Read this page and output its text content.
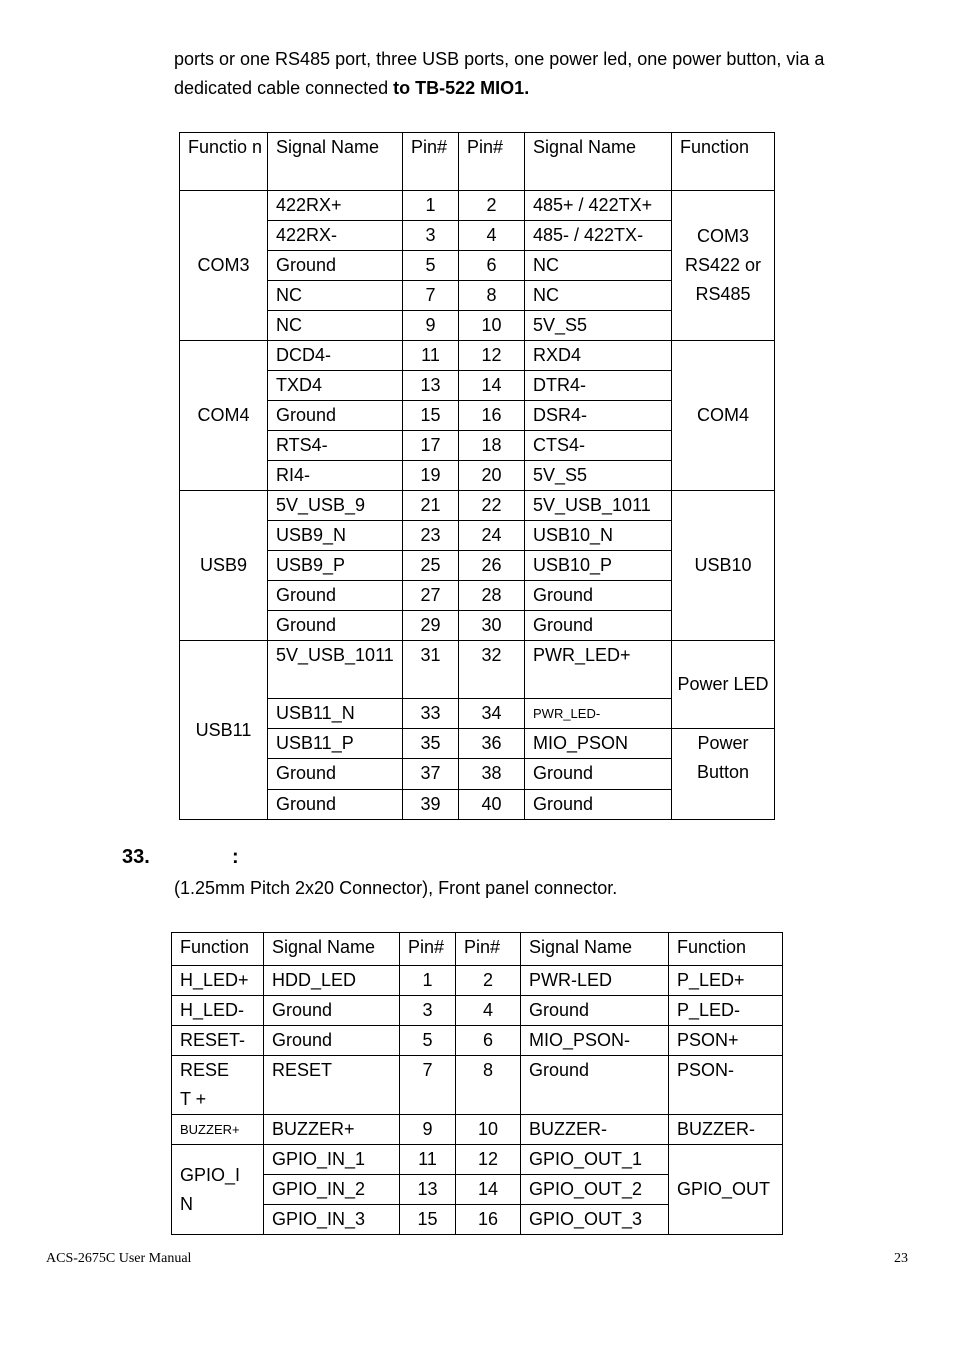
ports or one RS485 port, three USB ports, one power led, one power button, via a dedicated cable connected to TB-522 MIO1.

Functio n	Signal Name	Pin#	Pin#	Signal Name	Function
COM3	422RX+	1	2	485+ / 422TX+	COM3 RS422 or RS485
	422RX-	3	4	485- / 422TX-	
	Ground	5	6	NC	
	NC	7	8	NC	
	NC	9	10	5V_S5	
COM4	DCD4-	11	12	RXD4	COM4
	TXD4	13	14	DTR4-	
	Ground	15	16	DSR4-	
	RTS4-	17	18	CTS4-	
	RI4-	19	20	5V_S5	
USB9	5V_USB_9	21	22	5V_USB_1011	USB10
	USB9_N	23	24	USB10_N	
	USB9_P	25	26	USB10_P	
	Ground	27	28	Ground	
	Ground	29	30	Ground	
USB11	5V_USB_1011	31	32	PWR_LED+	Power LED
	USB11_N	33	34	PWR_LED-	
	USB11_P	35	36	MIO_PSON	Power Button
	Ground	37	38	Ground	
	Ground	39	40	Ground	
33.	:
(1.25mm Pitch 2x20 Connector), Front panel connector.
Function	Signal Name	Pin#	Pin#	Signal Name	Function
H_LED+	HDD_LED	1	2	PWR-LED	P_LED+
H_LED-	Ground	3	4	Ground	P_LED-
RESET-	Ground	5	6	MIO_PSON-	PSON+
RESET +	RESET	7	8	Ground	PSON-
BUZZER+	BUZZER+	9	10	BUZZER-	BUZZER-
GPIO_IN	GPIO_IN_1	11	12	GPIO_OUT_1	GPIO_OUT
	GPIO_IN_2	13	14	GPIO_OUT_2	
	GPIO_IN_3	15	16	GPIO_OUT_3	
ACS-2675C User Manual	23
